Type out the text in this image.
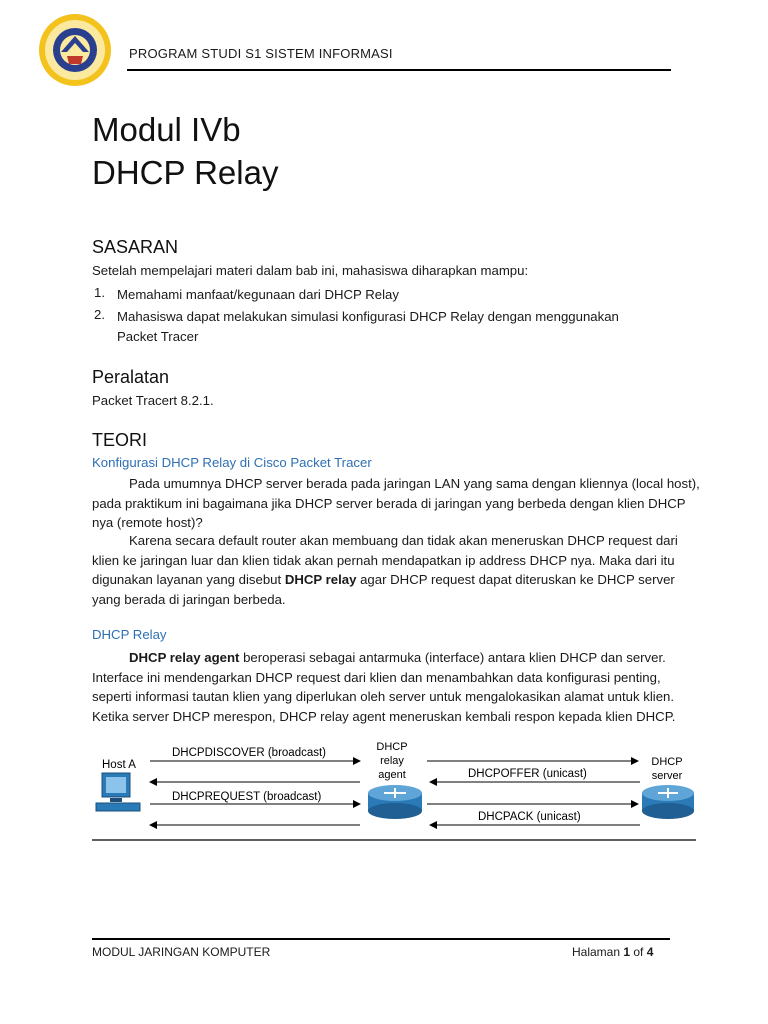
PROGRAM STUDI S1 SISTEM INFORMASI
Modul IVb
DHCP Relay
SASARAN
Setelah mempelajari materi dalam bab ini, mahasiswa diharapkan mampu:
1. Memahami manfaat/kegunaan dari DHCP Relay
2. Mahasiswa dapat melakukan simulasi konfigurasi DHCP Relay dengan menggunakan Packet Tracer
Peralatan
Packet Tracert 8.2.1.
TEORI
Konfigurasi DHCP Relay di Cisco Packet Tracer
Pada umumnya DHCP server berada pada jaringan LAN yang sama dengan kliennya (local host), pada praktikum ini bagaimana jika DHCP server berada di jaringan yang berbeda dengan klien DHCP nya (remote host)?
Karena secara default router akan membuang dan tidak akan meneruskan DHCP request dari klien ke jaringan luar dan klien tidak akan pernah mendapatkan ip address DHCP nya. Maka dari itu digunakan layanan yang disebut DHCP relay agar DHCP request dapat diteruskan ke DHCP server yang berada di jaringan berbeda.
DHCP Relay
DHCP relay agent beroperasi sebagai antarmuka (interface) antara klien DHCP dan server. Interface ini mendengarkan DHCP request dari klien dan menambahkan data konfigurasi penting, seperti informasi tautan klien yang diperlukan oleh server untuk mengalokasikan alamat untuk klien. Ketika server DHCP merespon, DHCP relay agent meneruskan kembali respon kepada klien DHCP.
Host A
DHCP
relay
agent
DHCP
server
DHCPDISCOVER (broadcast)
DHCPOFFER (unicast)
DHCPREQUEST (broadcast)
DHCPACK (unicast)
MODUL JARINGAN KOMPUTER	Halaman 1 of 4
